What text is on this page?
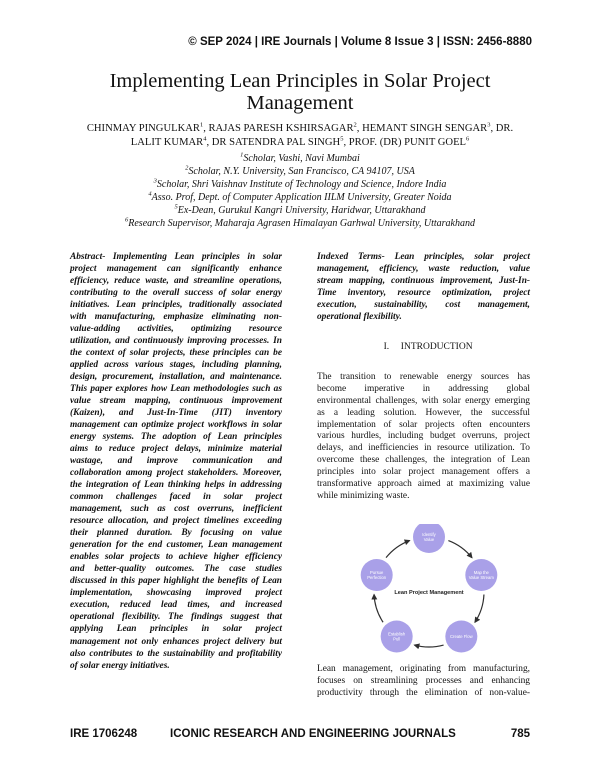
© SEP 2024 | IRE Journals | Volume 8 Issue 3 | ISSN: 2456-8880
Implementing Lean Principles in Solar Project
Management
CHINMAY PINGULKAR$^1$, RAJAS PARESH KSHIRSAGAR$^2$, HEMANT SINGH SENGAR$^3$, DR.
LALIT KUMAR$^4$, DR SATENDRA PAL SINGH$^5$, PROF. (DR) PUNIT GOEL$^6$
$^1$Scholar, Vashi, Navi Mumbai
$^2$Scholar, N.Y. University, San Francisco, CA 94107, USA
$^3$Scholar, Shri Vaishnav Institute of Technology and Science, Indore India
$^4$Asso. Prof, Dept. of Computer Application IILM University, Greater Noida
$^5$Ex-Dean, Gurukul Kangri University, Haridwar, Uttarakhand
$^6$Research Supervisor, Maharaja Agrasen Himalayan Garhwal University, Uttarakhand
Abstract- Implementing Lean principles in solar
project management can significantly enhance
efficiency, reduce waste, and streamline operations,
contributing to the overall success of solar energy
initiatives. Lean principles, traditionally associated
with manufacturing, emphasize eliminating non-
value-adding activities, optimizing resource
utilization, and continuously improving processes. In
the context of solar projects, these principles can be
applied across various stages, including planning,
design, procurement, installation, and maintenance.
This paper explores how Lean methodologies such as
value stream mapping, continuous improvement
(Kaizen), and Just-In-Time (JIT) inventory
management can optimize project workflows in solar
energy systems. The adoption of Lean principles
aims to reduce project delays, minimize material
wastage, and improve communication and
collaboration among project stakeholders. Moreover,
the integration of Lean thinking helps in addressing
common challenges faced in solar project
management, such as cost overruns, inefficient
resource allocation, and project timelines exceeding
their planned duration. By focusing on value
generation for the end customer, Lean management
enables solar projects to achieve higher efficiency
and better-quality outcomes. The case studies
discussed in this paper highlight the benefits of Lean
implementation, showcasing improved project
execution, reduced lead times, and increased
operational flexibility. The findings suggest that
applying Lean principles in solar project
management not only enhances project delivery but
also contributes to the sustainability and profitability
of solar energy initiatives.
Indexed Terms- Lean principles, solar project
management, efficiency, waste reduction, value
stream mapping, continuous improvement, Just-In-
Time inventory, resource optimization, project
execution, sustainability, cost management,
operational flexibility.
I. INTRODUCTION
The transition to renewable energy sources has
become imperative in addressing global
environmental challenges, with solar energy emerging
as a leading solution. However, the successful
implementation of solar projects often encounters
various hurdles, including budget overruns, project
delays, and inefficiencies in resource utilization. To
overcome these challenges, the integration of Lean
principles into solar project management offers a
transformative approach aimed at maximizing value
while minimizing waste.
Identify Value
Map the Value Stream
Create Flow
Establish Pull
Pursue Perfection
Lean Project Management
Lean management, originating from manufacturing,
focuses on streamlining processes and enhancing
productivity through the elimination of non-value-
IRE 1706248	ICONIC RESEARCH AND ENGINEERING JOURNALS	785
